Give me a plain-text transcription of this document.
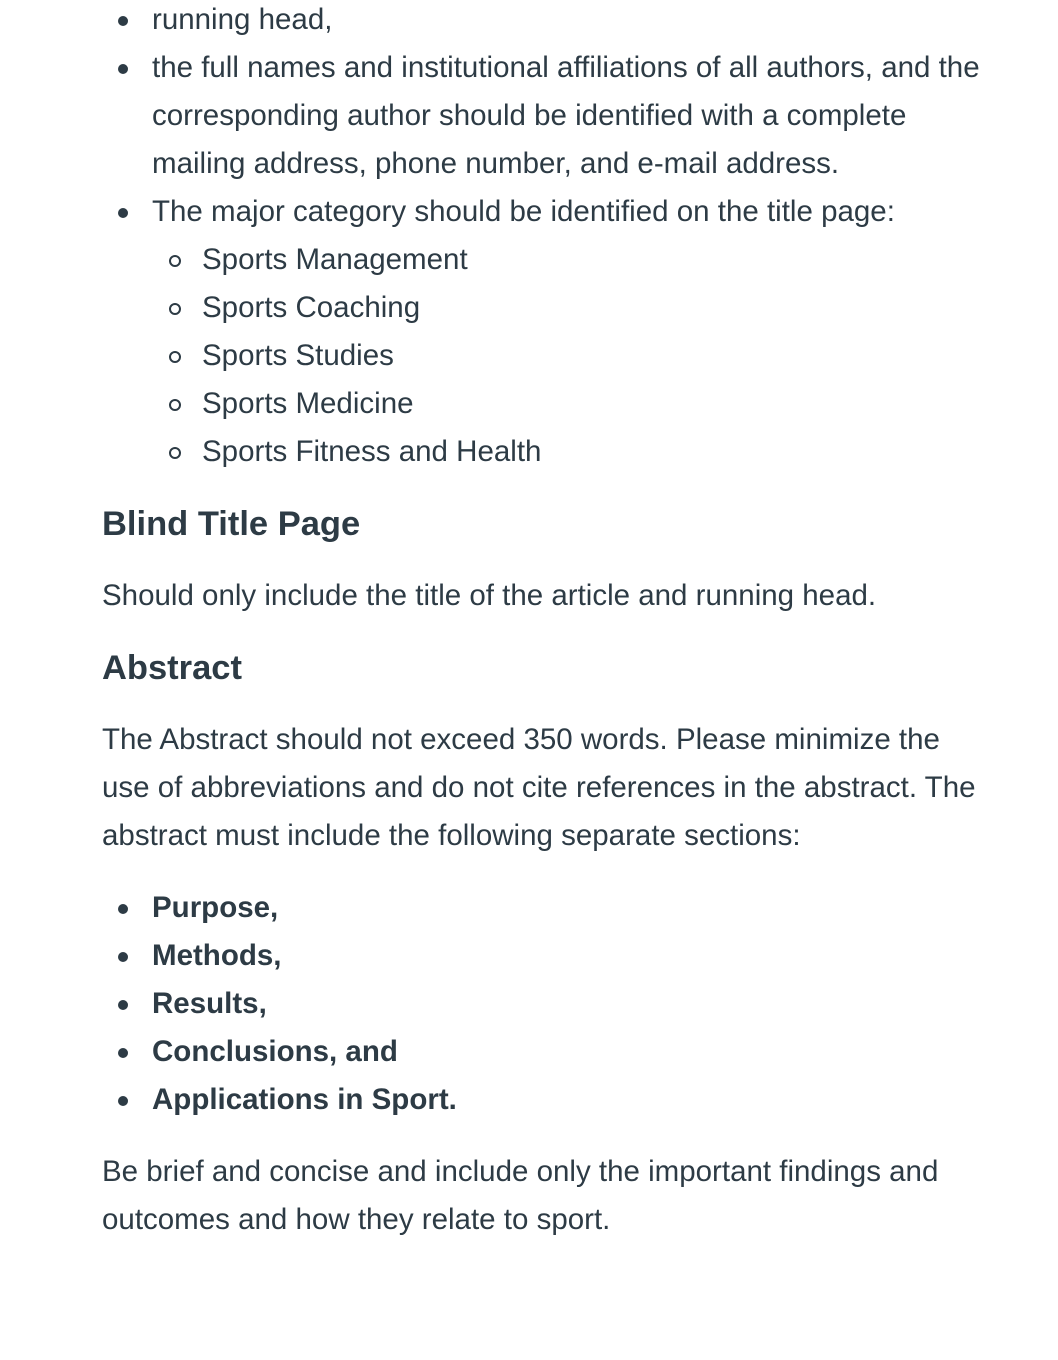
running head,
the full names and institutional affiliations of all authors, and the corresponding author should be identified with a complete mailing address, phone number, and e-mail address.
The major category should be identified on the title page:
Sports Management
Sports Coaching
Sports Studies
Sports Medicine
Sports Fitness and Health
Blind Title Page

Should only include the title of the article and running head.

Abstract

The Abstract should not exceed 350 words. Please minimize the use of abbreviations and do not cite references in the abstract. The abstract must include the following separate sections:

Purpose,
Methods,
Results,
Conclusions, and
Applications in Sport.

Be brief and concise and include only the important findings and outcomes and how they relate to sport.
